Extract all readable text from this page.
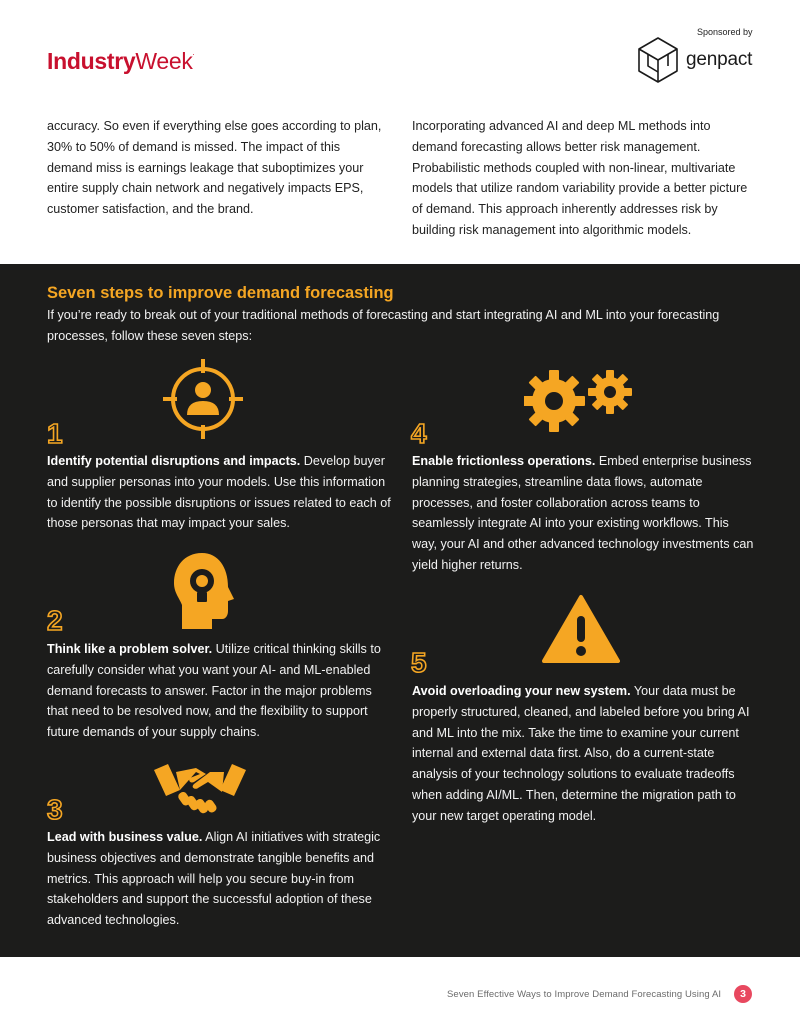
IndustryWeek.
Sponsored by
genpact
accuracy. So even if everything else goes according to plan, 30% to 50% of demand is missed. The impact of this demand miss is earnings leakage that suboptimizes your entire supply chain network and negatively impacts EPS, customer satisfaction, and the brand.
Incorporating advanced AI and deep ML methods into demand forecasting allows better risk management. Probabilistic methods coupled with non-linear, multivariate models that utilize random variability provide a better picture of demand. This approach inherently addresses risk by building risk management into algorithmic models.
Seven steps to improve demand forecasting
If you’re ready to break out of your traditional methods of forecasting and start integrating AI and ML into your forecasting processes, follow these seven steps:
1
Identify potential disruptions and impacts. Develop buyer and supplier personas into your models. Use this information to identify the possible disruptions or issues related to each of those personas that may impact your sales.
4
Enable frictionless operations. Embed enterprise business planning strategies, streamline data flows, automate processes, and foster collaboration across teams to seamlessly integrate AI into your existing workflows. This way, your AI and other advanced technology investments can yield higher returns.
2
Think like a problem solver. Utilize critical thinking skills to carefully consider what you want your AI- and ML-enabled demand forecasts to answer. Factor in the major problems that need to be resolved now, and the flexibility to support future demands of your supply chains.
5
Avoid overloading your new system. Your data must be properly structured, cleaned, and labeled before you bring AI and ML into the mix. Take the time to examine your current internal and external data first. Also, do a current-state analysis of your technology solutions to evaluate tradeoffs when adding AI/ML. Then, determine the migration path to your new target operating model.
3
Lead with business value. Align AI initiatives with strategic business objectives and demonstrate tangible benefits and metrics. This approach will help you secure buy-in from stakeholders and support the successful adoption of these advanced technologies.
Seven Effective Ways to Improve Demand Forecasting Using AI	3
